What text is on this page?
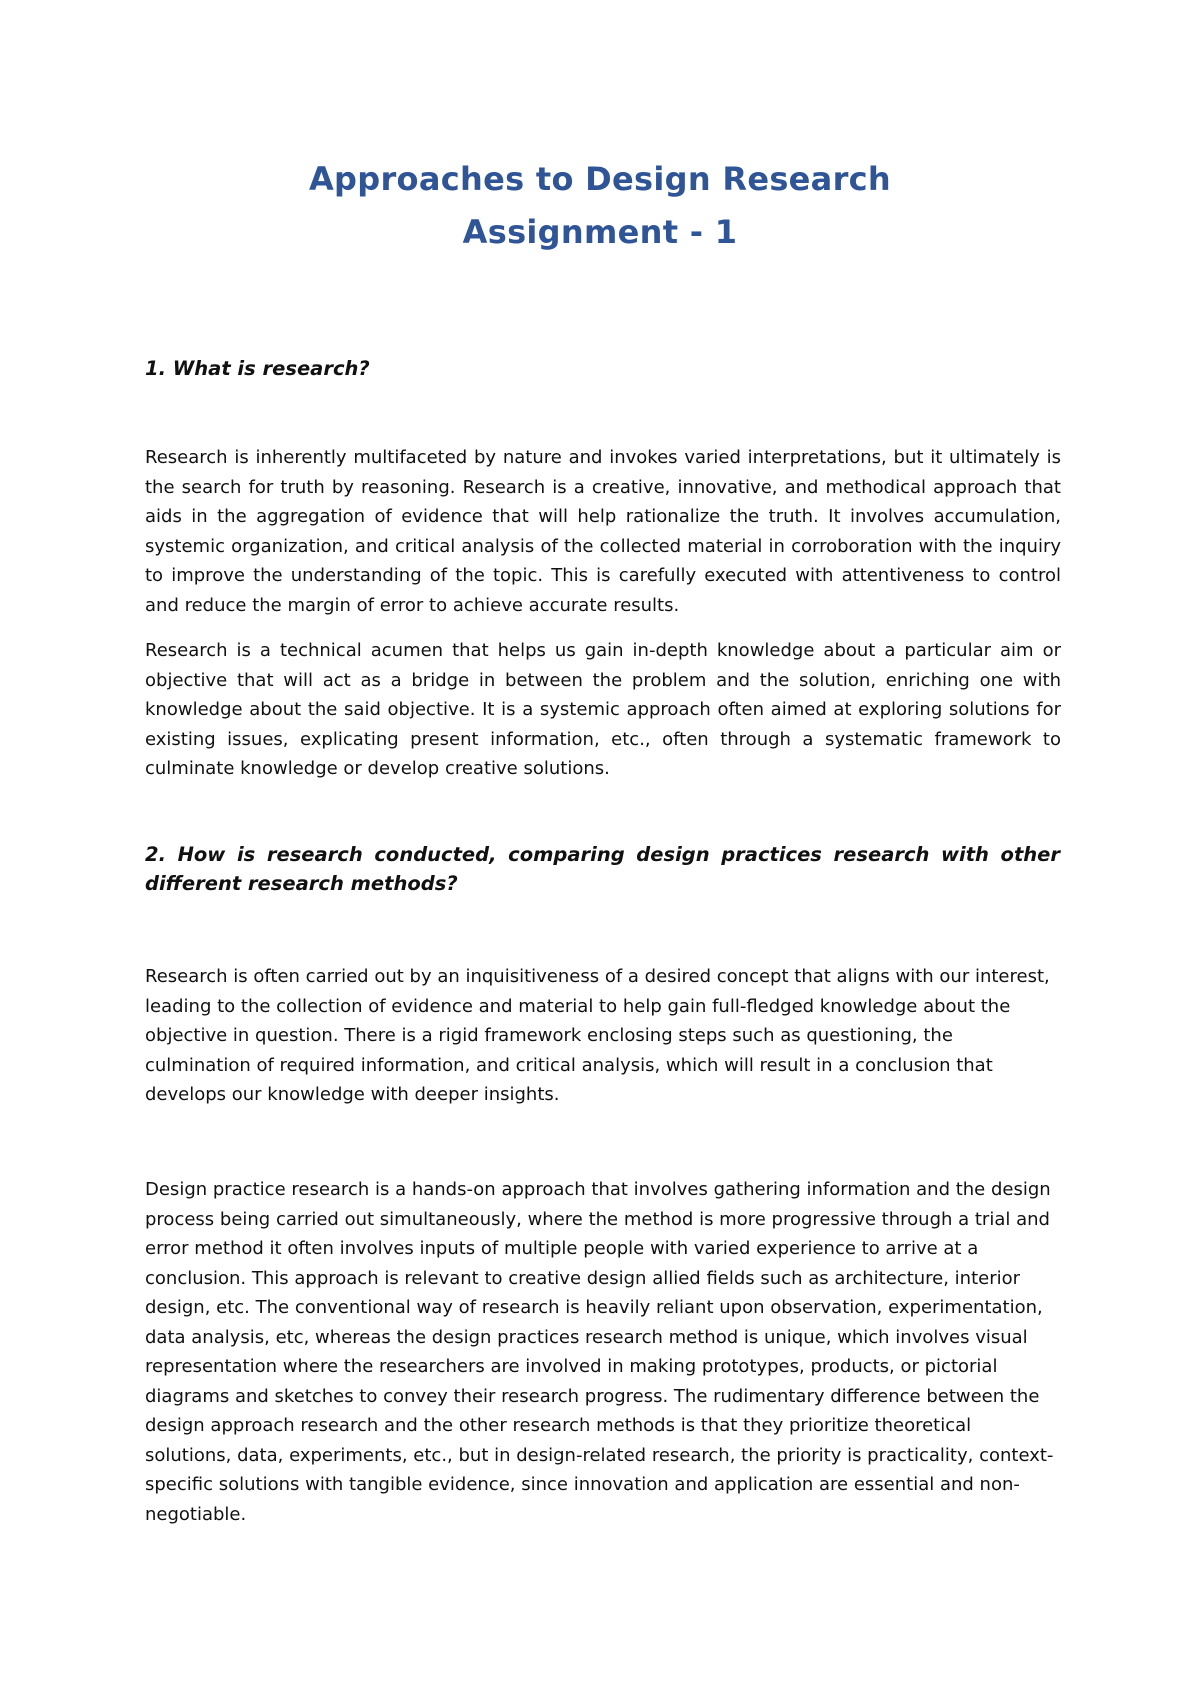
Approaches to Design Research
Assignment - 1
1. What is research?

Research is inherently multifaceted by nature and invokes varied interpretations, but it ultimately is the search for truth by reasoning. Research is a creative, innovative, and methodical approach that aids in the aggregation of evidence that will help rationalize the truth. It involves accumulation, systemic organization, and critical analysis of the collected material in corroboration with the inquiry to improve the understanding of the topic. This is carefully executed with attentiveness to control and reduce the margin of error to achieve accurate results.

Research is a technical acumen that helps us gain in-depth knowledge about a particular aim or objective that will act as a bridge in between the problem and the solution, enriching one with knowledge about the said objective. It is a systemic approach often aimed at exploring solutions for existing issues, explicating present information, etc., often through a systematic framework to culminate knowledge or develop creative solutions.

2. How is research conducted, comparing design practices research with other different research methods?

Research is often carried out by an inquisitiveness of a desired concept that aligns with our interest, leading to the collection of evidence and material to help gain full-fledged knowledge about the objective in question. There is a rigid framework enclosing steps such as questioning, the culmination of required information, and critical analysis, which will result in a conclusion that develops our knowledge with deeper insights.

Design practice research is a hands-on approach that involves gathering information and the design process being carried out simultaneously, where the method is more progressive through a trial and error method it often involves inputs of multiple people with varied experience to arrive at a conclusion. This approach is relevant to creative design allied fields such as architecture, interior design, etc. The conventional way of research is heavily reliant upon observation, experimentation, data analysis, etc, whereas the design practices research method is unique, which involves visual representation where the researchers are involved in making prototypes, products, or pictorial diagrams and sketches to convey their research progress. The rudimentary difference between the design approach research and the other research methods is that they prioritize theoretical solutions, data, experiments, etc., but in design-related research, the priority is practicality, context-specific solutions with tangible evidence, since innovation and application are essential and non-negotiable.
